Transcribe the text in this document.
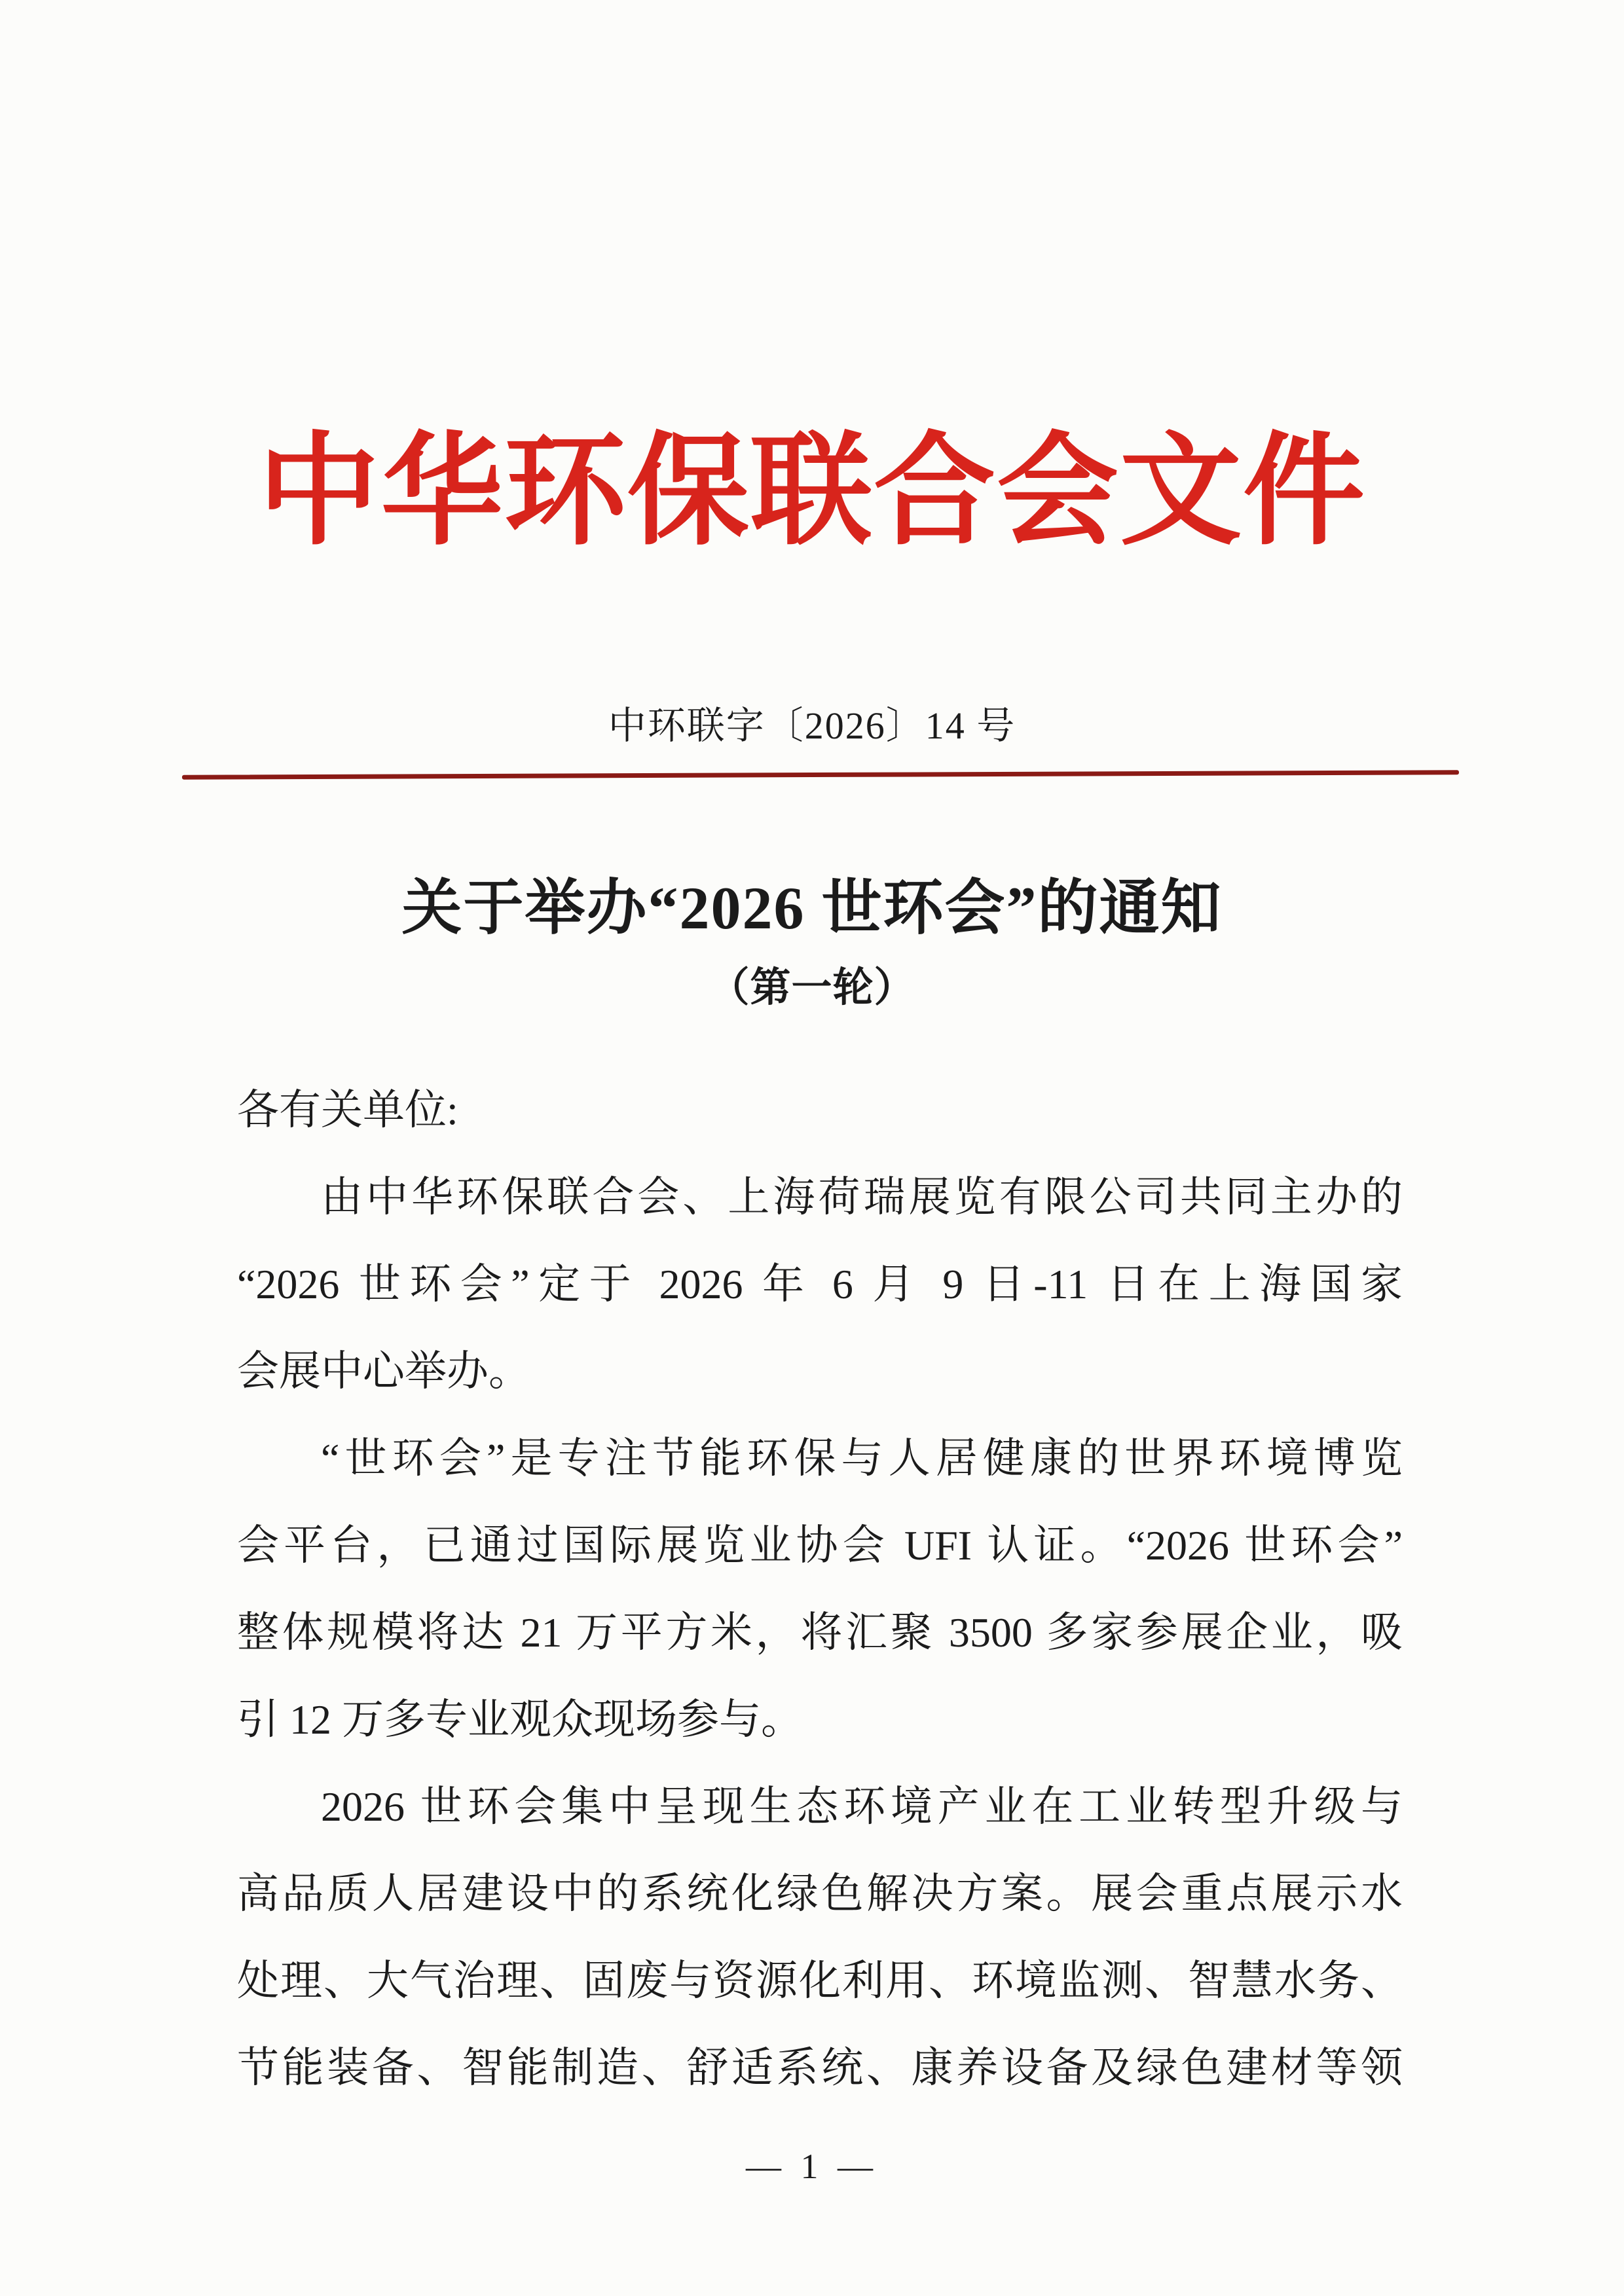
中华环保联合会文件
中环联字〔2026〕14 号
关于举办“2026 世环会”的通知
（第一轮）
各有关单位:
由中华环保联合会、上海荷瑞展览有限公司共同主办的
“2026 世环会”定于 2026 年 6 月 9 日-11 日在上海国家
会展中心举办。
“世环会”是专注节能环保与人居健康的世界环境博览
会平台，已通过国际展览业协会 UFI 认证。“2026 世环会”
整体规模将达 21 万平方米，将汇聚 3500 多家参展企业，吸
引 12 万多专业观众现场参与。
2026 世环会集中呈现生态环境产业在工业转型升级与
高品质人居建设中的系统化绿色解决方案。展会重点展示水
处理、大气治理、固废与资源化利用、环境监测、智慧水务、
节能装备、智能制造、舒适系统、康养设备及绿色建材等领
— 1 —
